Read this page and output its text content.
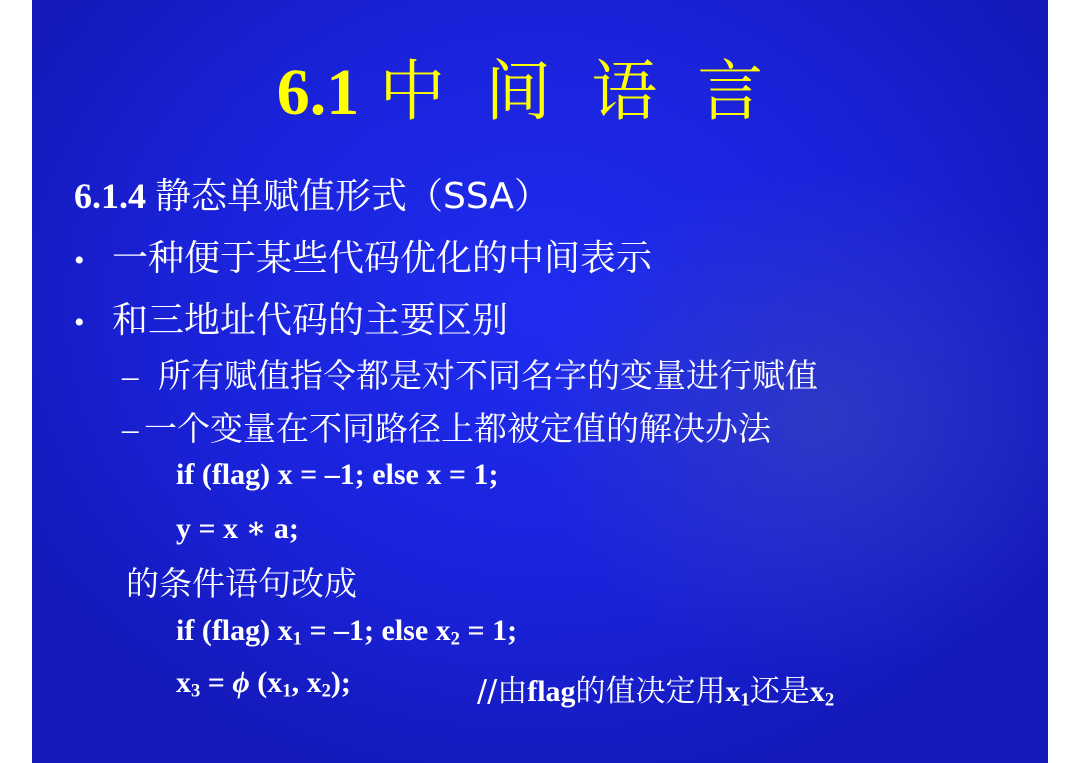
6.1 中间语言
6.1.4 静态单赋值形式（SSA）
• 一种便于某些代码优化的中间表示
• 和三地址代码的主要区别
– 所有赋值指令都是对不同名字的变量进行赋值
– 一个变量在不同路径上都被定值的解决办法
if (flag) x = –1; else x = 1;
y = x ∗ a;
的条件语句改成
if (flag) $x_1 = -1$; else $x_2 = 1$;
$x_3 = \phi$ ($x_1$, $x_2$);	//由flag的值决定用$x_1$还是$x_2$
